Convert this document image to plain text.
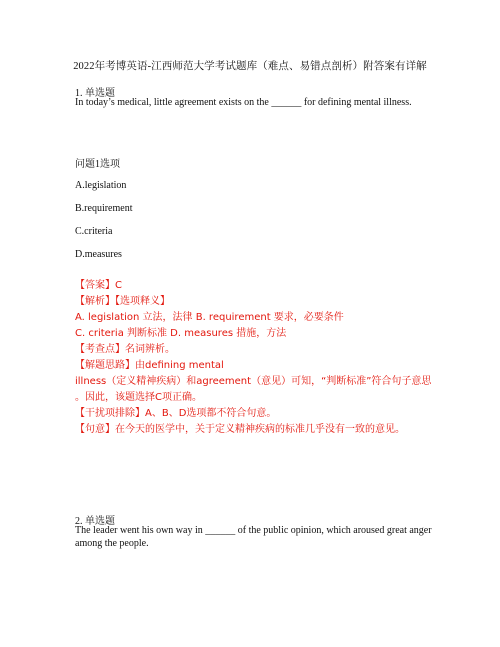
2022年考博英语-江西师范大学考试题库（难点、易错点剖析）附答案有详解
1. 单选题
In today’s medical, little agreement exists on the ______ for defining mental illness.
问题1选项
A.legislation
B.requirement
C.criteria
D.measures
【答案】C
【解析】【选项释义】
A. legislation 立法，法律 B. requirement 要求，必要条件
C. criteria 判断标准 D. measures 措施，方法
【考查点】名词辨析。
【解题思路】由defining mental
illness（定义精神疾病）和agreement（意见）可知，“判断标准”符合句子意思
。因此，该题选择C项正确。
【干扰项排除】A、B、D选项都不符合句意。
【句意】在今天的医学中，关于定义精神疾病的标准几乎没有一致的意见。
2. 单选题
The leader went his own way in ______ of the public opinion, which aroused great anger among the people.
